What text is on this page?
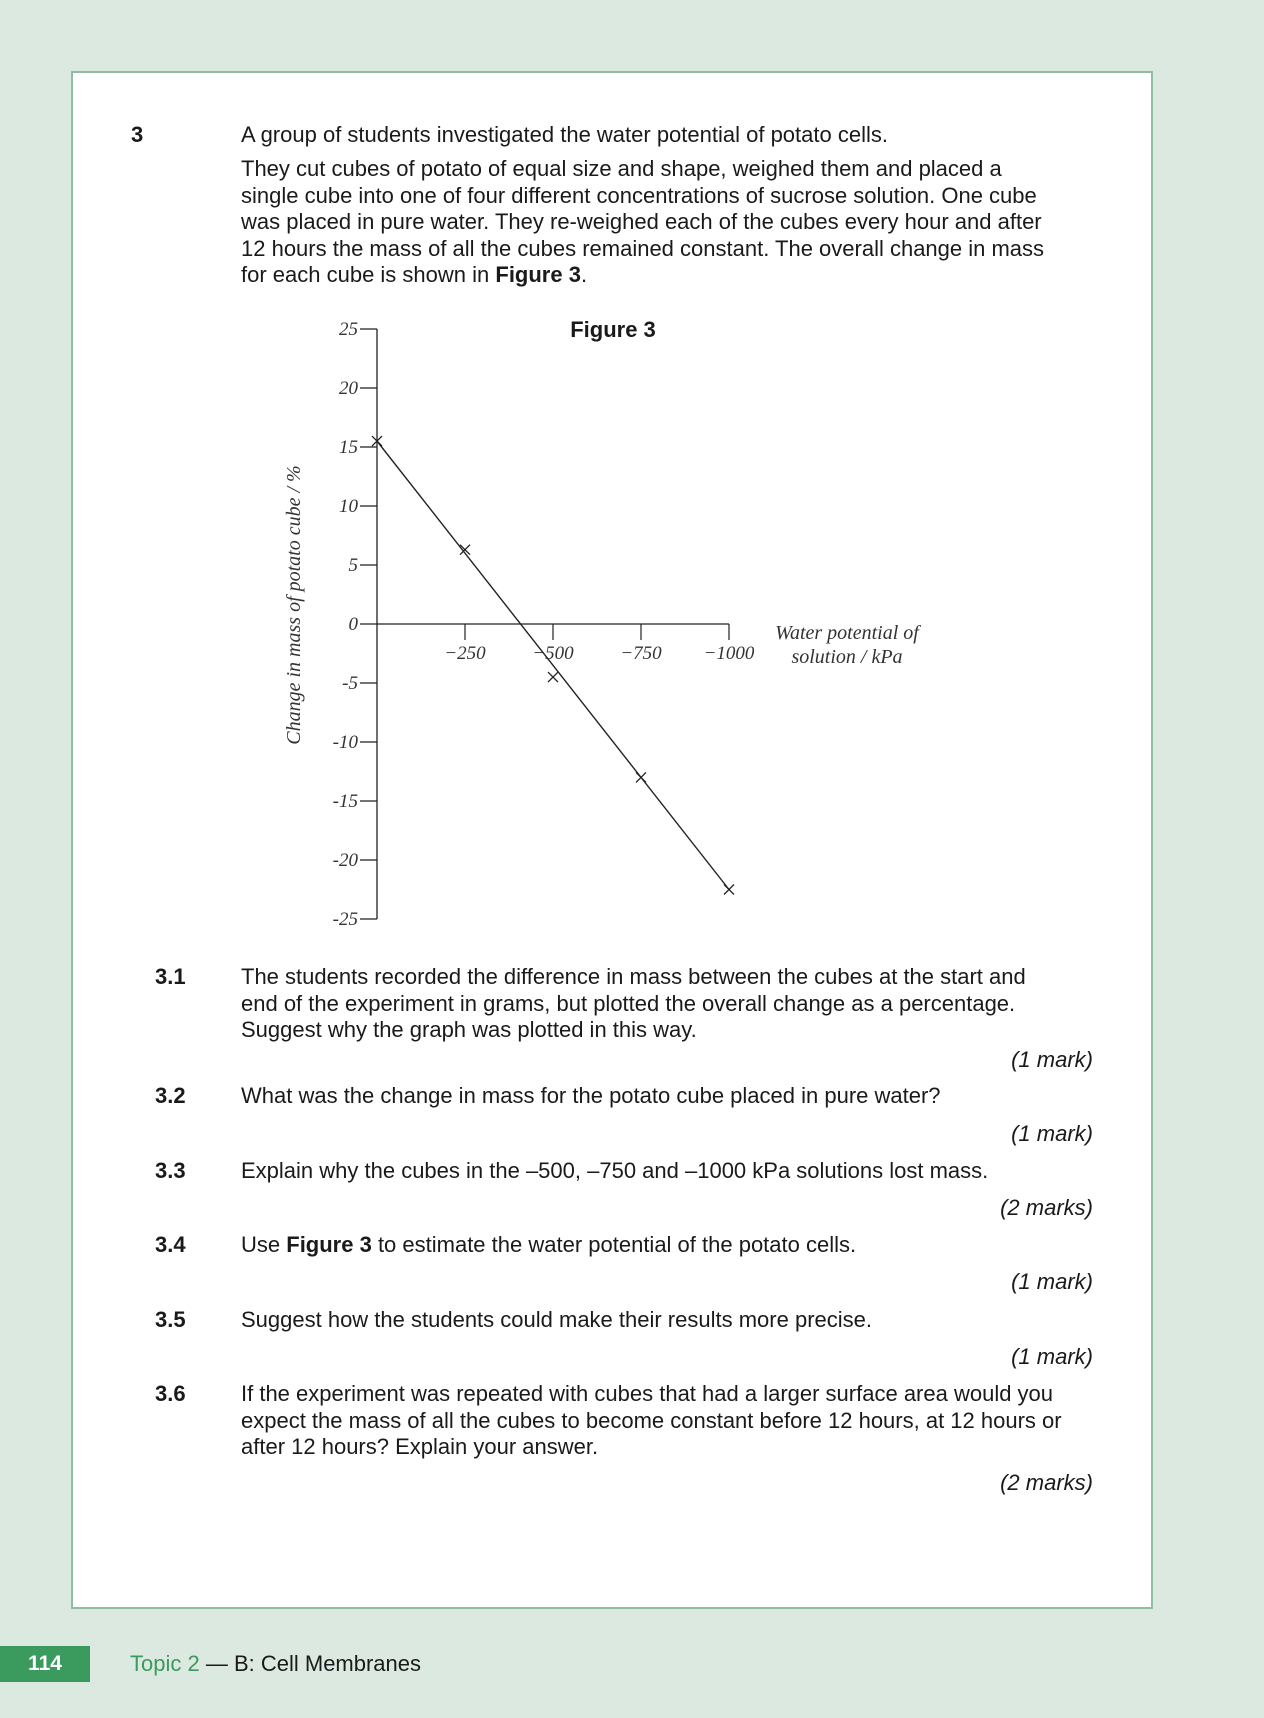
3	A group of students investigated the water potential of potato cells.
They cut cubes of potato of equal size and shape, weighed them and placed a
single cube into one of four different concentrations of sucrose solution. One cube
was placed in pure water. They re-weighed each of the cubes every hour and after
12 hours the mass of all the cubes remained constant. The overall change in mass
for each cube is shown in Figure 3.
Figure 3
Change in mass of potato cube / %	Water potential of
solution / kPa
25
20
15
10
5
0
-5
-10
-15
-20
-25
−250 −500 −750 −1000
3.1	The students recorded the difference in mass between the cubes at the start and
end of the experiment in grams, but plotted the overall change as a percentage.
Suggest why the graph was plotted in this way.
(1 mark)
3.2	What was the change in mass for the potato cube placed in pure water?
(1 mark)
3.3	Explain why the cubes in the –500, –750 and –1000 kPa solutions lost mass.
(2 marks)
3.4	Use Figure 3 to estimate the water potential of the potato cells.
(1 mark)
3.5	Suggest how the students could make their results more precise.
(1 mark)
3.6	If the experiment was repeated with cubes that had a larger surface area would you
expect the mass of all the cubes to become constant before 12 hours, at 12 hours or
after 12 hours? Explain your answer.
(2 marks)
114	Topic 2 — B: Cell Membranes
